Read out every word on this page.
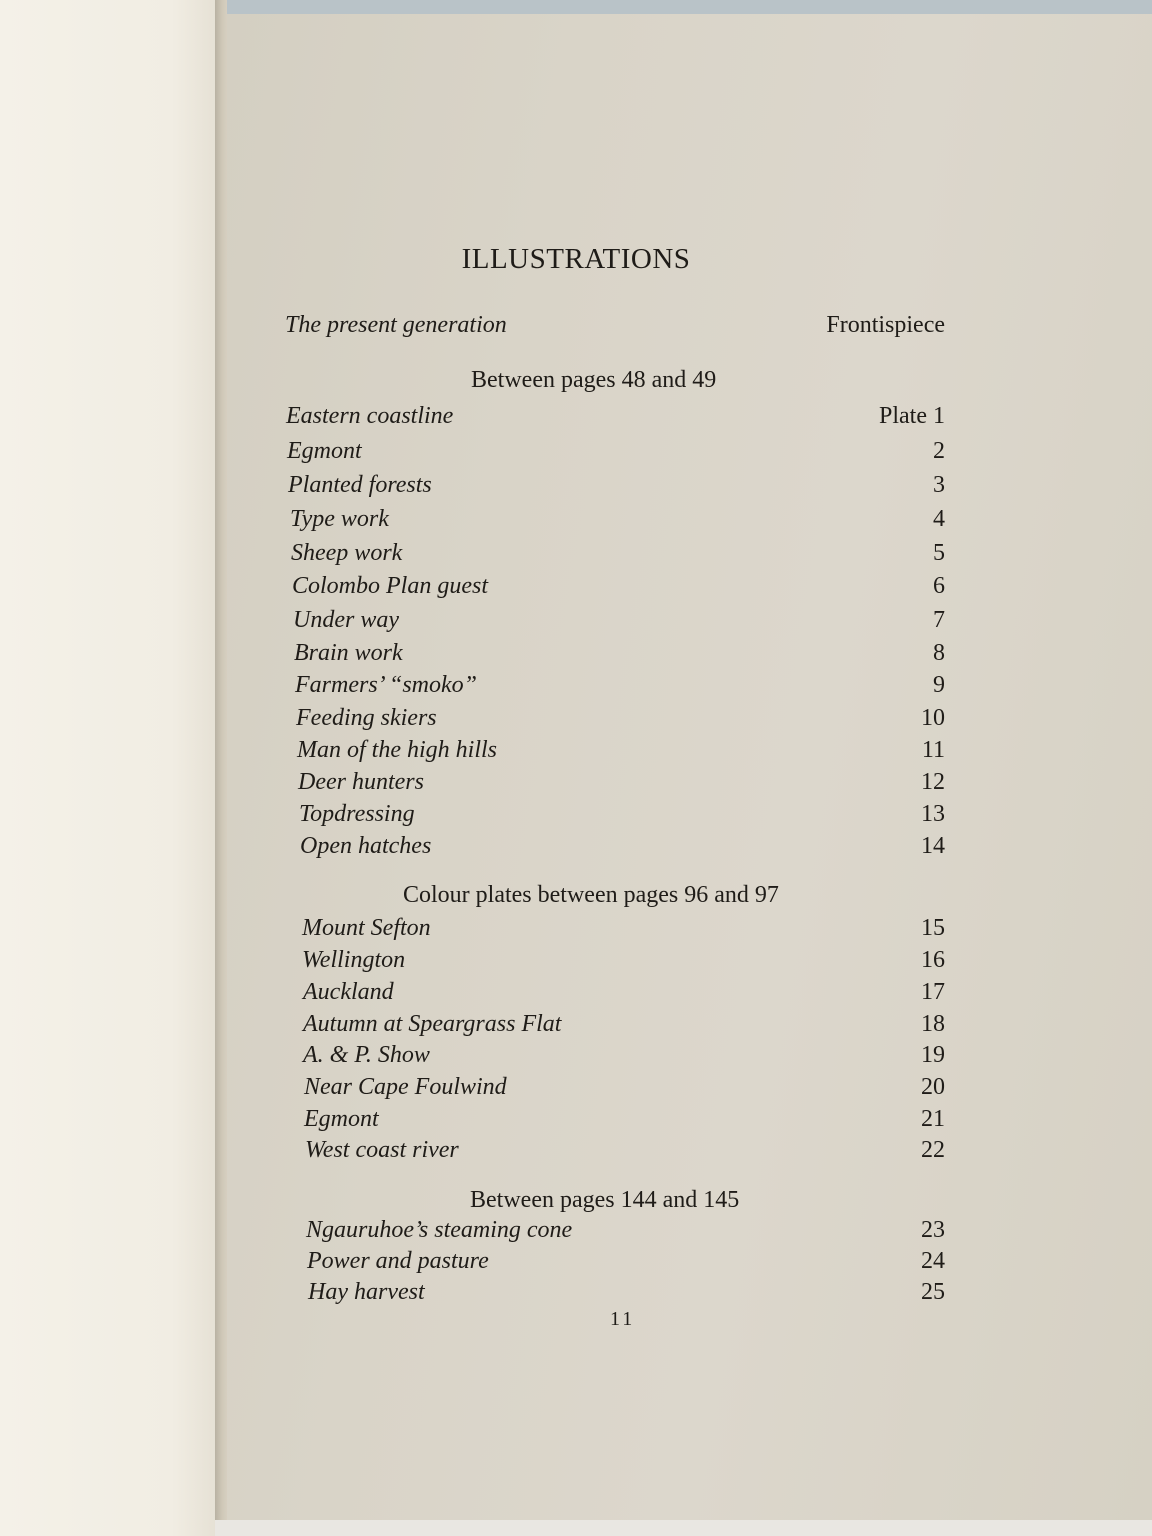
ILLUSTRATIONS
The present generation	Frontispiece
Between pages 48 and 49
Eastern coastline	Plate 1
Egmont	2
Planted forests	3
Type work	4
Sheep work	5
Colombo Plan guest	6
Under way	7
Brain work	8
Farmers’ “smoko”	9
Feeding skiers	10
Man of the high hills	11
Deer hunters	12
Topdressing	13
Open hatches	14
Colour plates between pages 96 and 97
Mount Sefton	15
Wellington	16
Auckland	17
Autumn at Speargrass Flat	18
A. & P. Show	19
Near Cape Foulwind	20
Egmont	21
West coast river	22
Between pages 144 and 145
Ngauruhoe’s steaming cone	23
Power and pasture	24
Hay harvest	25
11
